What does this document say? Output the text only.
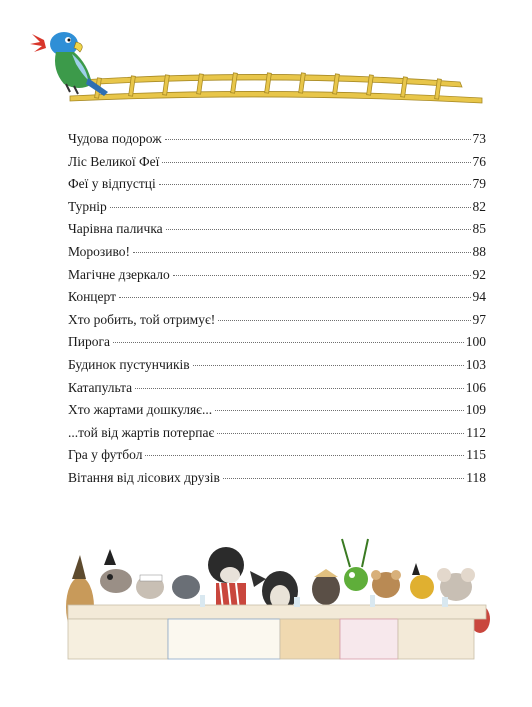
Чудова подорож	73
Ліс Великої Феї	76
Феї у відпустці	79
Турнір	82
Чарівна паличка	85
Морозиво!	88
Магічне дзеркало	92
Концерт	94
Хто робить, той отримує!	97
Пирога	100
Будинок пустунчиків	103
Катапульта	106
Хто жартами дошкуляє...	109
...той від жартів потерпає	112
Гра у футбол	115
Вітання від лісових друзів	118
